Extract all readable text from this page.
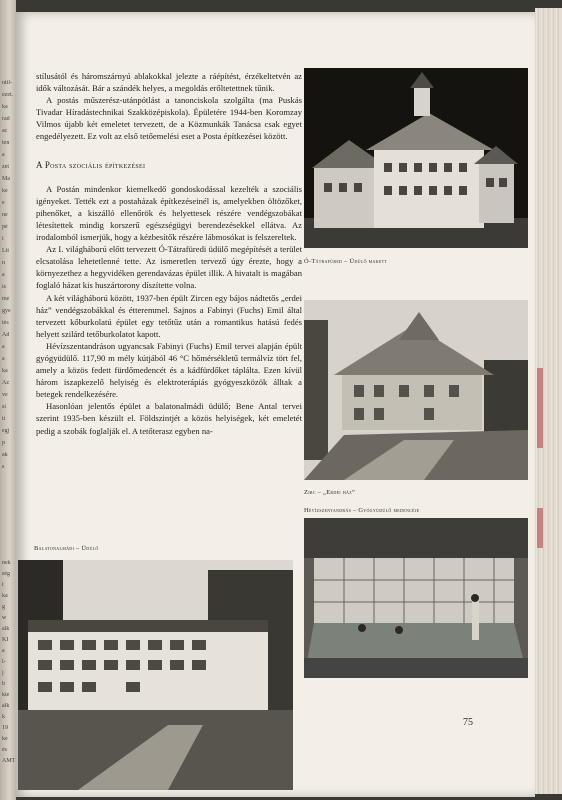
ntil-
ezet.
ka
rad
ac
ten
a
zet
Ma
ke
e
ne
pé
i
Lit
n
a
is
me
gye
tés
Ad
a
a
ka
Az
ve
si
tí
egj
p
ak
s
nek
ség
t
ka
g
w
alk
KI
a
l-
j
b
kie
alk
k
19
ke
és
AMT

stílusától és háromszárnyú ablakokkal jelezte a ráépítést, érzékeltetvén az idők változását. Bár a szándék helyes, a megoldás erőltetettnek tűnik.

A postás műszerész-utánpótlást a tanonciskola szolgálta (ma Puskás Tivadar Híradástechnikai Szakközépiskola). Épületére 1944-ben Koromzay Vilmos újabb két emeletet tervezett, de a Közmunkák Tanácsa csak egyet engedélyezett. Ez volt az első tetőemelési eset a Posta építkezései között.

A Posta szociális építkezései

A Postán mindenkor kiemelkedő gondoskodással kezelték a szociális igényeket. Tették ezt a postaházak építkezéseinél is, amelyekben öltözőket, pihenőket, a kiszálló ellenőrök és helyettesek részére vendégszobákat létesítettek mindig korszerű egészségügyi berendezésekkel ellátva. Az irodalomból ismerjük, hogy a kézbesítők részére lábmosókat is felszereltek.

Az I. világháború előtt tervezett Ó-Tátrafüredi üdülő megépítését a terület elcsatolása lehetetlenné tette. Az ismeretlen tervező úgy érezte, hogy a környezethez a hegyvidéken gerendavázas épület illik. A hivatalt is magában foglaló házat kis huszártorony díszítette volna.

A két világháború között, 1937-ben épült Zircen egy bájos nádtetős „erdei ház” vendégszobákkal és étteremmel. Sajnos a Fabinyi (Fuchs) Emil által tervezett kőburkolatú épület egy tetőtűz után a romantikus hatású fedés helyett szilárd tetőburkolatot kapott.

Hévízszentandráson ugyancsak Fabinyi (Fuchs) Emil tervei alapján épült gyógyüdülő. 117,90 m mély kútjából 46 °C hőmérsékletű termálvíz tört fel, amely a közös fedett fürdőmedencét és a kádfürdőket táplálta. Ezen kívül három iszapkezelő helyiség és elektroterápiás gyógyeszközök álltak a betegek rendelkezésére.

Hasonlóan jelentős épület a balatonalmádi üdülő; Bene Antal tervei szerint 1935-ben készült el. Földszintjét a közös helyiségek, két emeletét pedig a szobák foglalják el. A tetőterasz egyben na-

Ó-Tátrafüred – Üdülő makett
Zirc – „Erdei ház”
Hévízszentandrás – Gyógyüdülő medencéje
Balatonalmádi – Üdülő
75
